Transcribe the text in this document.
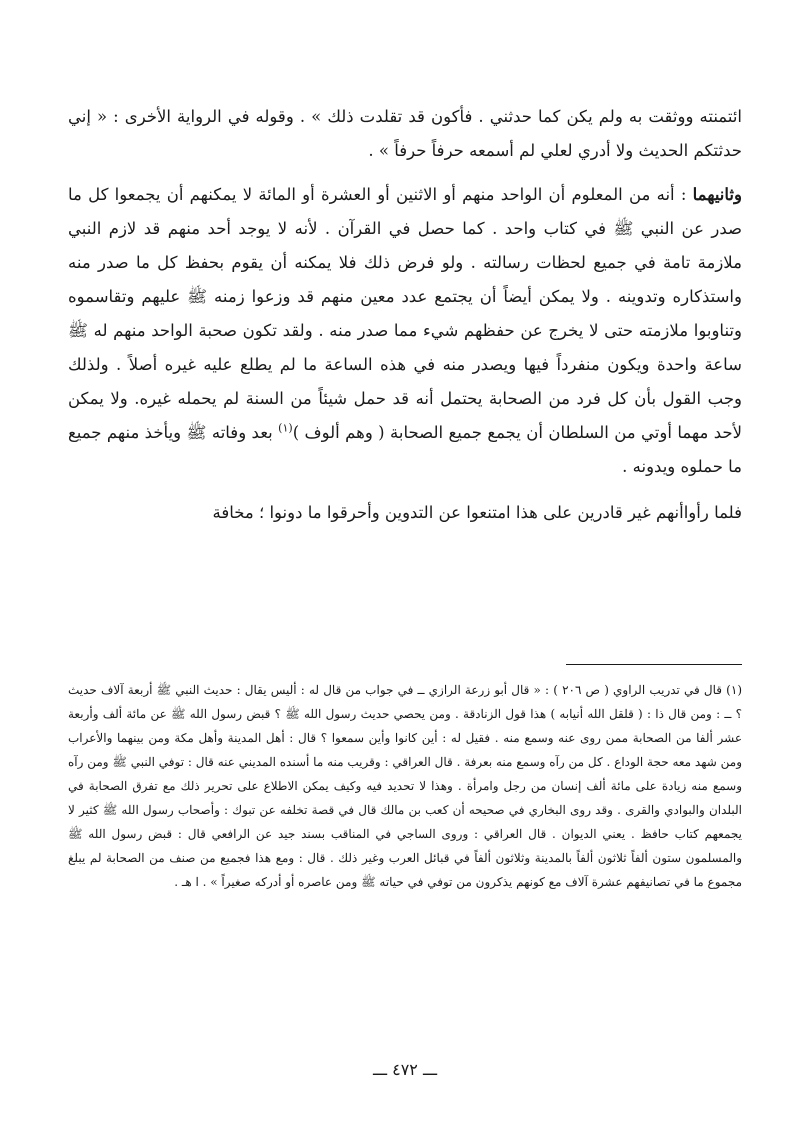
ائتمنته ووثقت به ولم يكن كما حدثني . فأكون قد تقلدت ذلك » . وقوله في الرواية الأخرى : « إني حدثتكم الحديث ولا أدري لعلي لم أسمعه حرفاً حرفاً » .

وثانيهما : أنه من المعلوم أن الواحد منهم أو الاثنين أو العشرة أو المائة لا يمكنهم أن يجمعوا كل ما صدر عن النبي ﷺ في كتاب واحد . كما حصل في القرآن . لأنه لا يوجد أحد منهم قد لازم النبي ملازمة تامة في جميع لحظات رسالته . ولو فرض ذلك فلا يمكنه أن يقوم بحفظ كل ما صدر منه واستذكاره وتدوينه . ولا يمكن أيضاً أن يجتمع عدد معين منهم قد وزعوا زمنه ﷺ عليهم وتقاسموه وتناوبوا ملازمته حتى لا يخرج عن حفظهم شيء مما صدر منه . ولقد تكون صحبة الواحد منهم له ﷺ ساعة واحدة ويكون منفرداً فيها ويصدر منه في هذه الساعة ما لم يطلع عليه غيره أصلاً . ولذلك وجب القول بأن كل فرد من الصحابة يحتمل أنه قد حمل شيئاً من السنة لم يحمله غيره. ولا يمكن لأحد مهما أوتي من السلطان أن يجمع جميع الصحابة ( وهم ألوف )$^{(١)}$ بعد وفاته ﷺ ويأخذ منهم جميع ما حملوه ويدونه .

فلما رأواأنهم غير قادرين على هذا امتنعوا عن التدوين وأحرقوا ما دونوا ؛ مخافة

(١) قال في تدريب الراوي ( ص ٢٠٦ ) : « قال أبو زرعة الرازي ــ في جواب من قال له : أليس يقال : حديث النبي ﷺ أربعة آلاف حديث ؟ ــ : ومن قال ذا : ( قلقل الله أنيابه ) هذا قول الزنادقة . ومن يحصي حديث رسول الله ﷺ ؟ قبض رسول الله ﷺ عن مائة ألف وأربعة عشر ألفا من الصحابة ممن روى عنه وسمع منه . فقيل له : أين كانوا وأين سمعوا ؟ قال : أهل المدينة وأهل مكة ومن بينهما والأعراب ومن شهد معه حجة الوداع . كل من رآه وسمع منه بعرفة . قال العراقي : وقريب منه ما أسنده المديني عنه قال : توفي النبي ﷺ ومن رآه وسمع منه زيادة على مائة ألف إنسان من رجل وامرأة . وهذا لا تحديد فيه وكيف يمكن الاطلاع على تحرير ذلك مع تفرق الصحابة في البلدان والبوادي والقرى . وقد روى البخاري في صحيحه أن كعب بن مالك قال في قصة تخلفه عن تبوك : وأصحاب رسول الله ﷺ كثير لا يجمعهم كتاب حافظ . يعني الديوان . قال العراقي : وروى الساجي في المناقب بسند جيد عن الرافعي قال : قبض رسول الله ﷺ والمسلمون ستون ألفاً ثلاثون ألفاً بالمدينة وثلاثون ألفاً في قبائل العرب وغير ذلك . قال : ومع هذا فجميع من صنف من الصحابة لم يبلغ مجموع ما في تصانيفهم عشرة آلاف مع كونهم يذكرون من توفي في حياته ﷺ ومن عاصره أو أدركه صغيراً » . ا هـ .

ـــ ٤٧٢ ـــ
